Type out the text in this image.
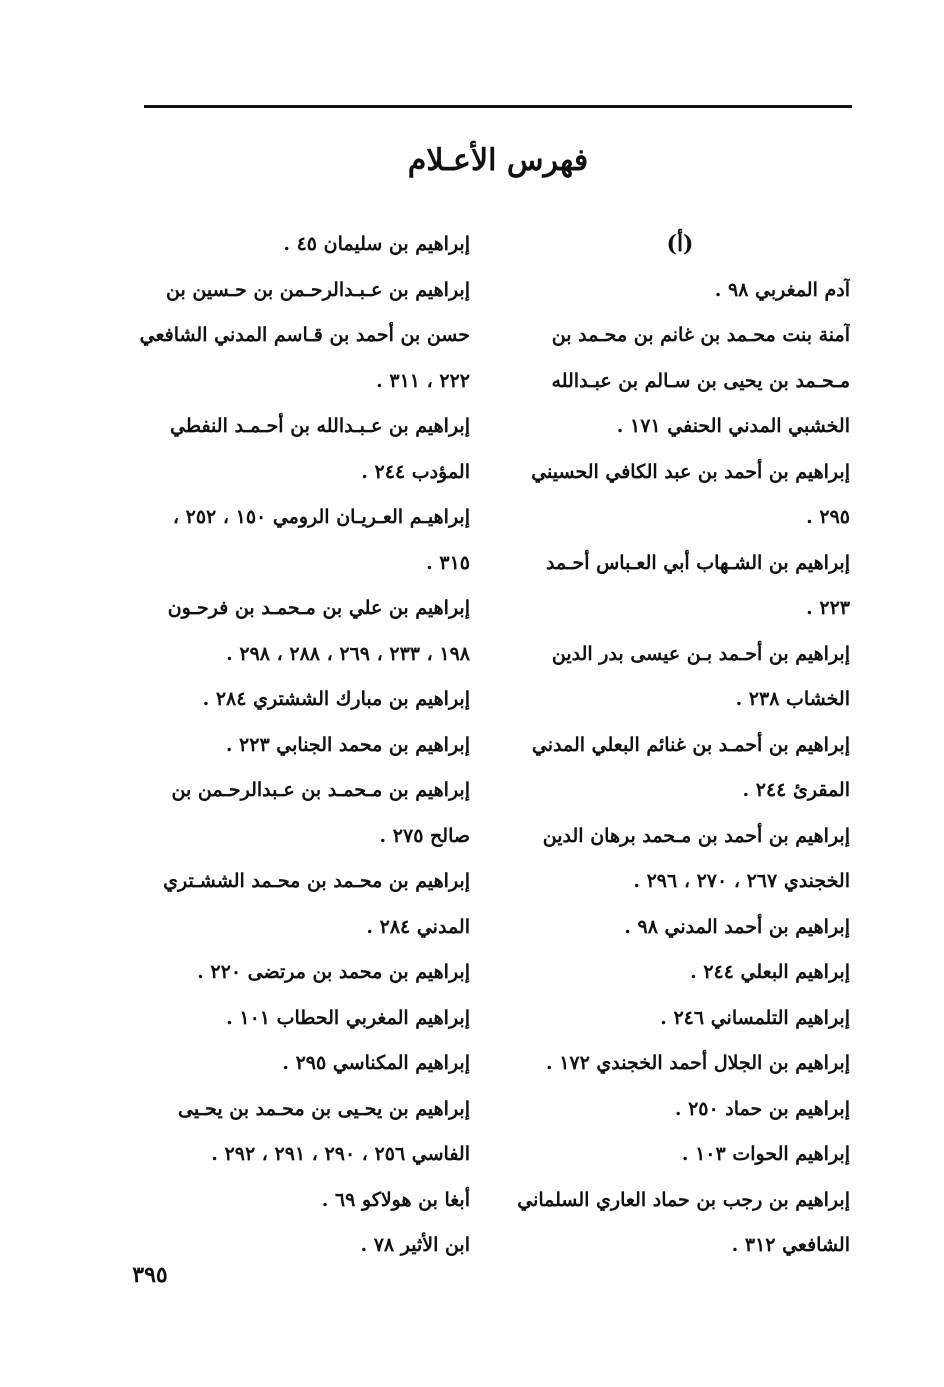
فهرس الأعـلام
(أ)
آدم المغربي ٩٨ .
آمنة بنت محـمد بن غانم بن محـمد بن
مـحـمد بن يحيى بن سـالم بن عبـدالله
الخشبي المدني الحنفي ١٧١ .
إبراهيم بن أحمد بن عبد الكافي الحسيني
٢٩٥ .
إبراهيم بن الشـهاب أبي العـباس أحـمد
٢٢٣ .
إبراهيم بن أحـمد بـن عيسى بدر الدين
الخشاب ٢٣٨ .
إبراهيم بن أحمـد بن غنائم البعلي المدني
المقرئ ٢٤٤ .
إبراهيم بن أحمد بن مـحمد برهان الدين
الخجندي ٢٦٧ ، ٢٧٠ ، ٢٩٦ .
إبراهيم بن أحمد المدني ٩٨ .
إبراهيم البعلي ٢٤٤ .
إبراهيم التلمساني ٢٤٦ .
إبراهيم بن الجلال أحمد الخجندي ١٧٢ .
إبراهيم بن حماد ٢٥٠ .
إبراهيم الحوات ١٠٣ .
إبراهيم بن رجب بن حماد العاري السلماني
الشافعي ٣١٢ .
إبراهيم بن سليمان ٤٥ .
إبراهيم بن عـبـدالرحـمن بن حـسين بن
حسن بن أحمد بن قـاسم المدني الشافعي
٢٢٢ ، ٣١١ .
إبراهيم بن عـبـدالله بن أحـمـد النفطي
المؤدب ٢٤٤ .
إبراهيـم العـريـان الرومي ١٥٠ ، ٢٥٢ ،
٣١٥ .
إبراهيم بن علي بن مـحمـد بن فرحـون
١٩٨ ، ٢٣٣ ، ٢٦٩ ، ٢٨٨ ، ٢٩٨ .
إبراهيم بن مبارك الششتري ٢٨٤ .
إبراهيم بن محمد الجنابي ٢٢٣ .
إبراهيم بن مـحمـد بن عـبدالرحـمن بن
صالح ٢٧٥ .
إبراهيم بن محـمد بن محـمد الششـتري
المدني ٢٨٤ .
إبراهيم بن محمد بن مرتضى ٢٢٠ .
إبراهيم المغربي الحطاب ١٠١ .
إبراهيم المكناسي ٢٩٥ .
إبراهيم بن يحـيى بن محـمد بن يحـيى
الفاسي ٢٥٦ ، ٢٩٠ ، ٢٩١ ، ٢٩٢ .
أبغا بن هولاكو ٦٩ .
ابن الأثير ٧٨ .
٣٩٥
